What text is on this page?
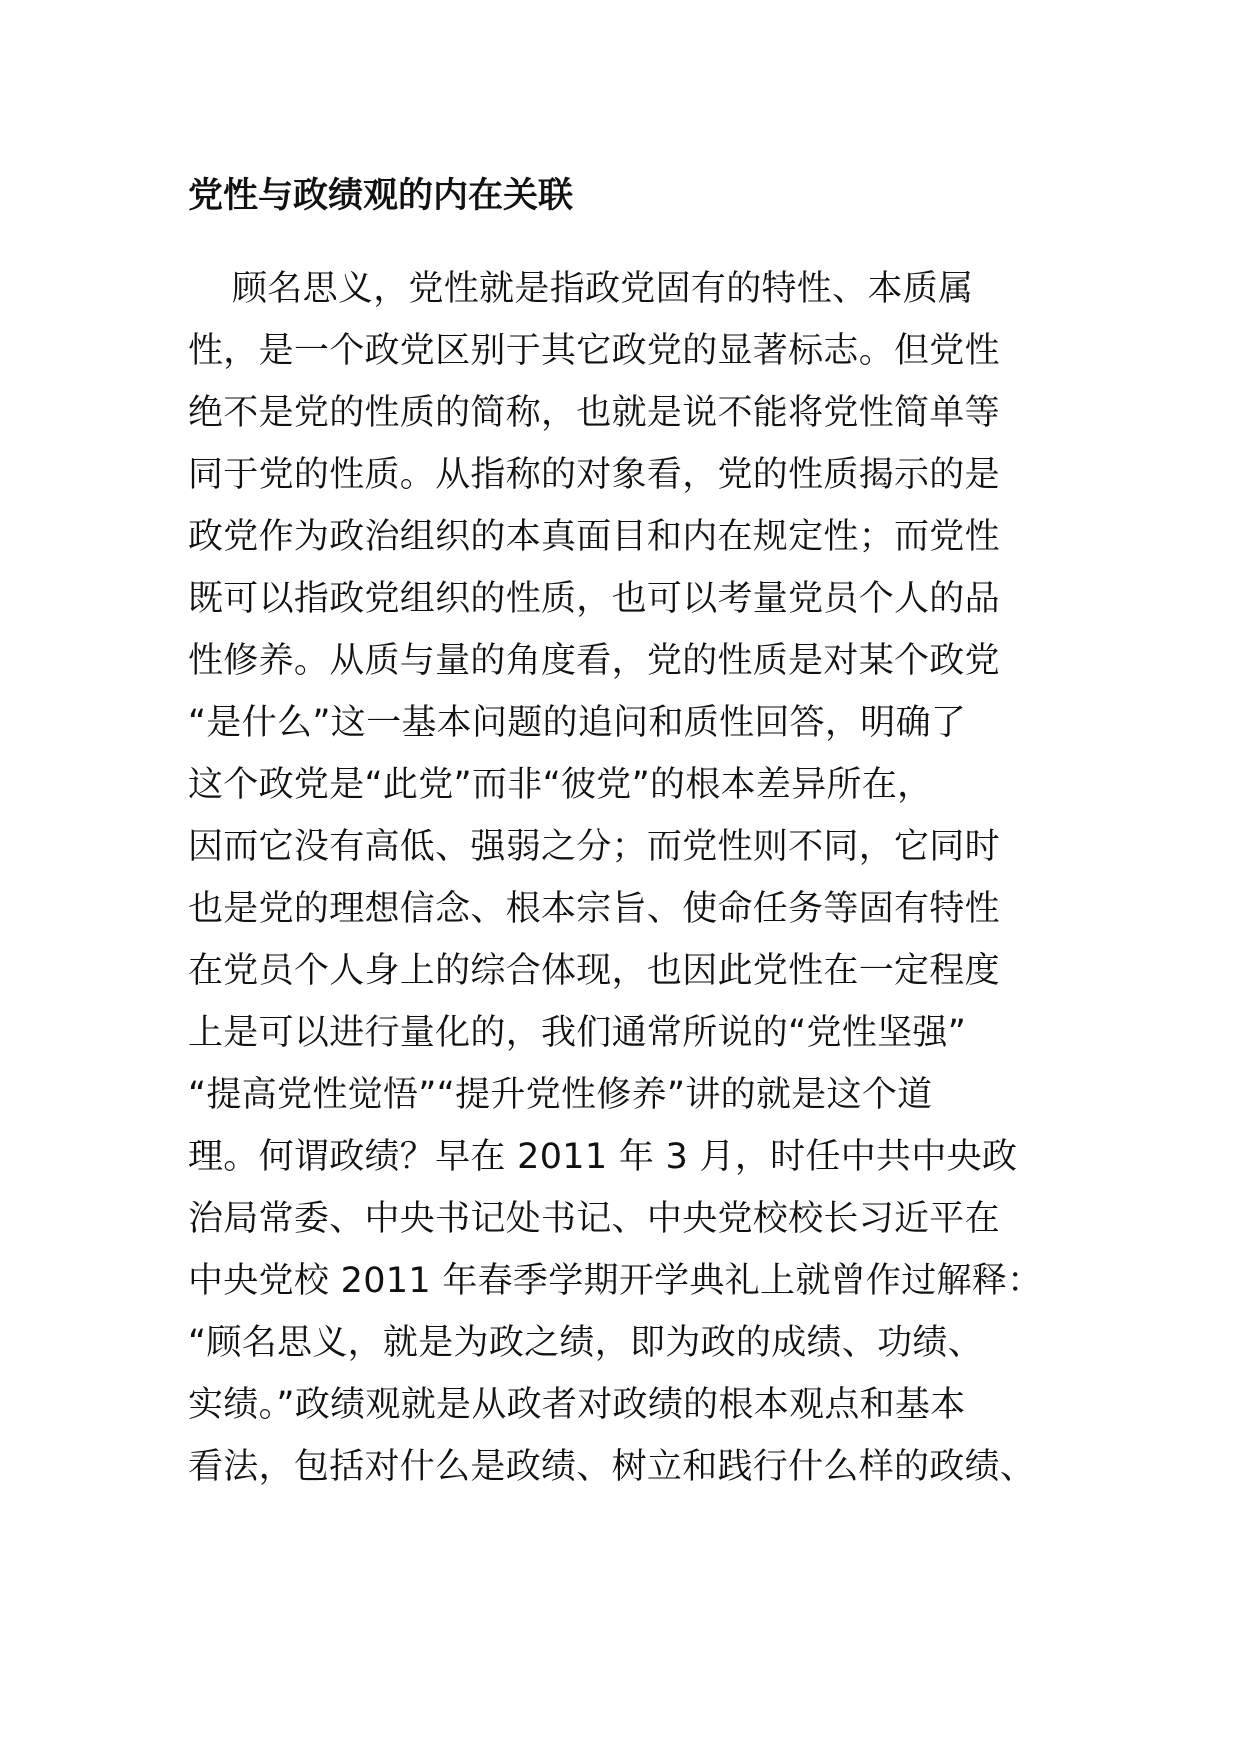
党性与政绩观的内在关联
顾名思义，党性就是指政党固有的特性、本质属
性，是一个政党区别于其它政党的显著标志。但党性
绝不是党的性质的简称，也就是说不能将党性简单等
同于党的性质。从指称的对象看，党的性质揭示的是
政党作为政治组织的本真面目和内在规定性；而党性
既可以指政党组织的性质，也可以考量党员个人的品
性修养。从质与量的角度看，党的性质是对某个政党
“是什么”这一基本问题的追问和质性回答，明确了
这个政党是“此党”而非“彼党”的根本差异所在，
因而它没有高低、强弱之分；而党性则不同，它同时
也是党的理想信念、根本宗旨、使命任务等固有特性
在党员个人身上的综合体现，也因此党性在一定程度
上是可以进行量化的，我们通常所说的“党性坚强”
“提高党性觉悟”“提升党性修养”讲的就是这个道
理。何谓政绩？早在 2011 年 3 月，时任中共中央政
治局常委、中央书记处书记、中央党校校长习近平在
中央党校 2011 年春季学期开学典礼上就曾作过解释：
“顾名思义，就是为政之绩，即为政的成绩、功绩、
实绩。”政绩观就是从政者对政绩的根本观点和基本
看法，包括对什么是政绩、树立和践行什么样的政绩、
